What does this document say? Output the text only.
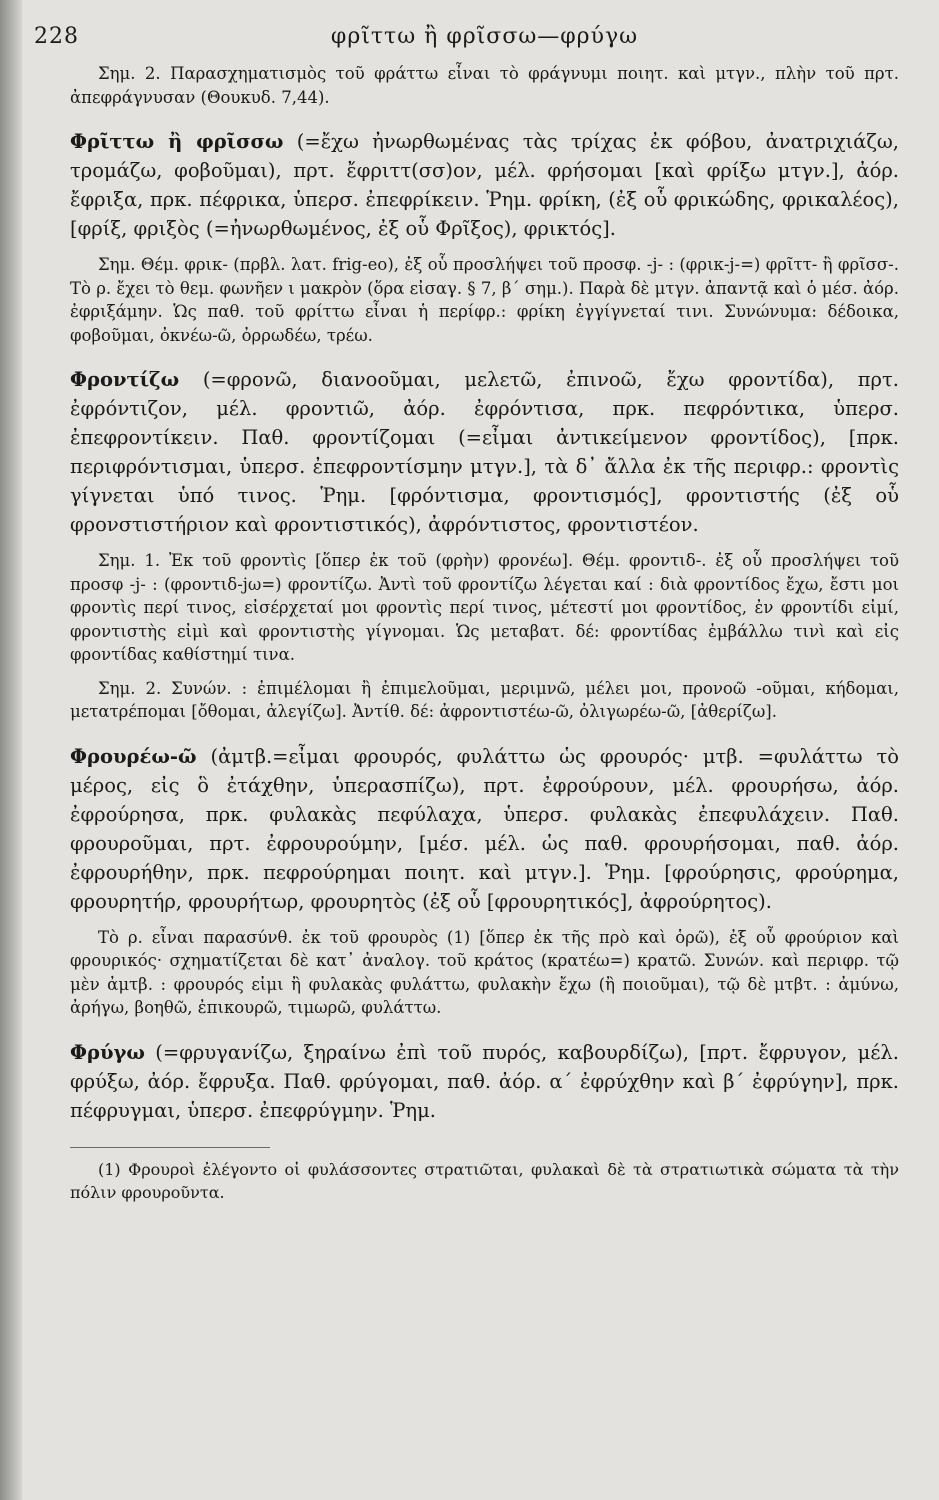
228	φρῖττω ἢ φρῖσσω—φρύγω

Σημ. 2. Παρασχηματισμὸς τοῦ φράττω εἶναι τὸ φράγνυμι ποιητ. καὶ μτγν., πλὴν τοῦ πρτ. ἀπεφράγνυσαν (Θουκυδ. 7,44).

Φρῖττω ἢ φρῖσσω (=ἔχω ἠνωρθωμένας τὰς τρίχας ἐκ φόβου, ἀνατριχιάζω, τρομάζω, φοβοῦμαι), πρτ. ἔφριττ(σσ)ον, μέλ. φρήσομαι [καὶ φρίξω μτγν.], ἀόρ. ἔφριξα, πρκ. πέφρικα, ὑπερσ. ἐπεφρίκειν. Ῥημ. φρίκη, (ἐξ οὗ φρικώδης, φρικαλέος), [φρίξ, φριξὸς (=ἠνωρθωμένος, ἐξ οὗ Φρῖξος), φρικτός].

Σημ. Θέμ. φρικ- (πρβλ. λατ. frig-eo), ἐξ οὗ προσλήψει τοῦ προσφ. -j- : (φρικ-j-=) φρῖττ- ἢ φρῖσσ-. Τὸ ρ. ἔχει τὸ θεμ. φωνῆεν ι μακρὸν (ὅρα εἰσαγ. § 7, β΄ σημ.). Παρὰ δὲ μτγν. ἀπαντᾷ καὶ ὁ μέσ. ἀόρ. ἐφριξάμην. Ὡς παθ. τοῦ φρίττω εἶναι ἡ περίφρ.: φρίκη ἐγγίγνεταί τινι. Συνώνυμα: δέδοικα, φοβοῦμαι, ὀκνέω-ῶ, ὀρρωδέω, τρέω.

Φροντίζω (=φρονῶ, διανοοῦμαι, μελετῶ, ἐπινοῶ, ἔχω φροντίδα), πρτ. ἐφρόντιζον, μέλ. φροντιῶ, ἀόρ. ἐφρόντισα, πρκ. πεφρόντικα, ὑπερσ. ἐπεφροντίκειν. Παθ. φροντίζομαι (=εἶμαι ἀντικείμενον φροντίδος), [πρκ. περιφρόντισμαι, ὑπερσ. ἐπεφροντίσμην μτγν.], τὰ δ᾽ ἄλλα ἐκ τῆς περιφρ.: φροντὶς γίγνεται ὑπό τινος. Ῥημ. [φρόντισμα, φροντισμός], φροντιστής (ἐξ οὗ φρονστιστήριον καὶ φροντιστικός), ἀφρόντιστος, φροντιστέον.

Σημ. 1. Ἐκ τοῦ φροντὶς [ὅπερ ἐκ τοῦ (φρὴν) φρονέω]. Θέμ. φροντιδ-. ἐξ οὗ προσλήψει τοῦ προσφ -j- : (φροντιδ-jω=) φροντίζω. Ἀντὶ τοῦ φροντίζω λέγεται καί : διὰ φροντίδος ἔχω, ἔστι μοι φροντὶς περί τινος, εἰσέρχεταί μοι φροντὶς περί τινος, μέτεστί μοι φροντίδος, ἐν φροντίδι εἰμί, φροντιστὴς εἰμὶ καὶ φροντιστὴς γίγνομαι. Ὡς μεταβατ. δέ: φροντίδας ἐμβάλλω τινὶ καὶ εἰς φροντίδας καθίστημί τινα.

Σημ. 2. Συνών. : ἐπιμέλομαι ἢ ἐπιμελοῦμαι, μεριμνῶ, μέλει μοι, προνοῶ -οῦμαι, κήδομαι, μετατρέπομαι [ὄθομαι, ἀλεγίζω]. Ἀντίθ. δέ: ἀφροντιστέω-ῶ, ὀλιγωρέω-ῶ, [ἀθερίζω].

Φρουρέω-ῶ (ἀμτβ.=εἶμαι φρουρός, φυλάττω ὡς φρουρός· μτβ. =φυλάττω τὸ μέρος, εἰς ὃ ἐτάχθην, ὑπερασπίζω), πρτ. ἐφρούρουν, μέλ. φρουρήσω, ἀόρ. ἐφρούρησα, πρκ. φυλακὰς πεφύλαχα, ὑπερσ. φυλακὰς ἐπεφυλάχειν. Παθ. φρουροῦμαι, πρτ. ἐφρουρούμην, [μέσ. μέλ. ὡς παθ. φρουρήσομαι, παθ. ἀόρ. ἐφρουρήθην, πρκ. πεφρούρημαι ποιητ. καὶ μτγν.]. Ῥημ. [φρούρησις, φρούρημα, φρουρητήρ, φρουρήτωρ, φρουρητὸς (ἐξ οὗ [φρουρητικός], ἀφρούρητος).

Τὸ ρ. εἶναι παρασύνθ. ἐκ τοῦ φρουρὸς (1) [ὅπερ ἐκ τῆς πρὸ καὶ ὁρῶ), ἐξ οὗ φρούριον καὶ φρουρικός· σχηματίζεται δὲ κατ᾽ ἀναλογ. τοῦ κράτος (κρατέω=) κρατῶ. Συνών. καὶ περιφρ. τῷ μὲν ἀμτβ. : φρουρός εἰμι ἢ φυλακὰς φυλάττω, φυλακὴν ἔχω (ἢ ποιοῦμαι), τῷ δὲ μτβτ. : ἀμύνω, ἀρήγω, βοηθῶ, ἐπικουρῶ, τιμωρῶ, φυλάττω.

Φρύγω (=φρυγανίζω, ξηραίνω ἐπὶ τοῦ πυρός, καβουρδίζω), [πρτ. ἔφρυγον, μέλ. φρύξω, ἀόρ. ἔφρυξα. Παθ. φρύγομαι, παθ. ἀόρ. α΄ ἐφρύχθην καὶ β΄ ἐφρύγην], πρκ. πέφρυγμαι, ὑπερσ. ἐπεφρύγμην. Ῥημ.

(1) Φρουροὶ ἐλέγοντο οἱ φυλάσσοντες στρατιῶται, φυλακαὶ δὲ τὰ στρατιωτικὰ σώματα τὰ τὴν πόλιν φρουροῦντα.
